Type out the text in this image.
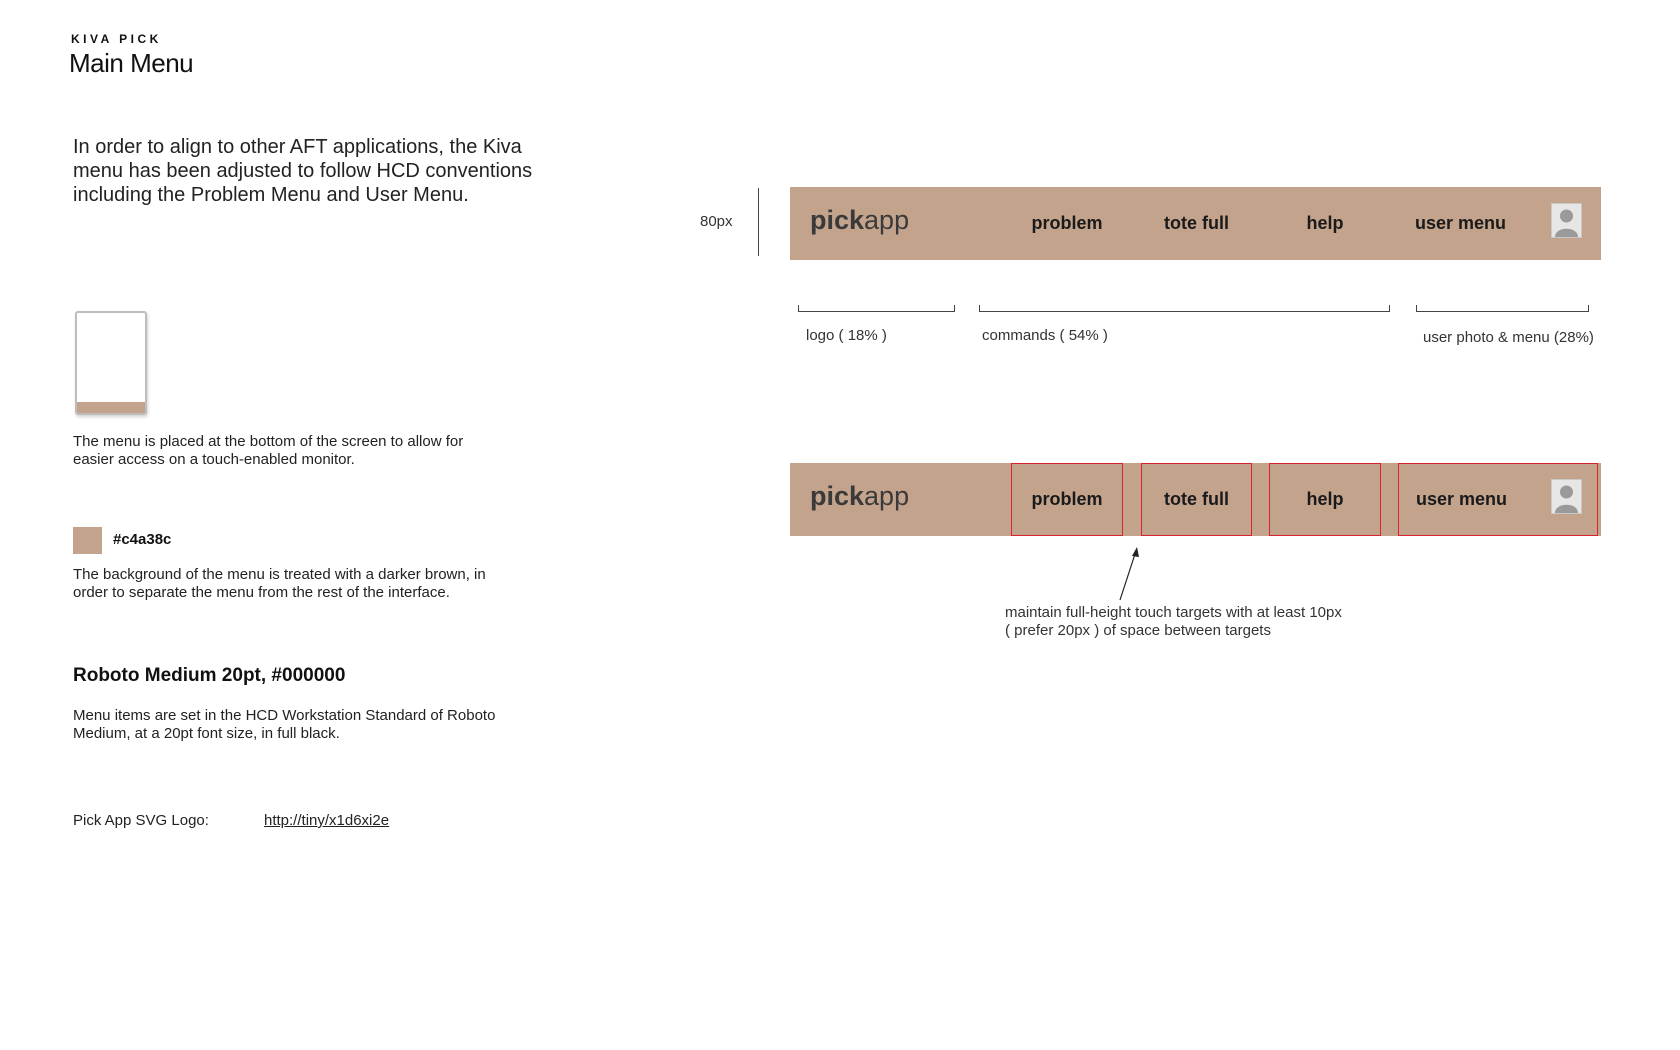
KIVA PICK
Main Menu
In order to align to other AFT applications, the Kiva menu has been adjusted to follow HCD conventions including the Problem Menu and User Menu.
The menu is placed at the bottom of the screen to allow for easier access on a touch-enabled monitor.
#c4a38c
The background of the menu is treated with a darker brown, in order to separate the menu from the rest of the interface.
Roboto Medium 20pt, #000000
Menu items are set in the HCD Workstation Standard of Roboto Medium, at a 20pt font size, in full black.
Pick App SVG Logo:	http://tiny/x1d6xi2e
80px	pickapp	problem	tote full	help	user menu
logo ( 18% )	commands ( 54% )	user photo & menu (28%)
pickapp	problem	tote full	help	user menu
maintain full-height touch targets with at least 10px
( prefer 20px ) of space between targets
